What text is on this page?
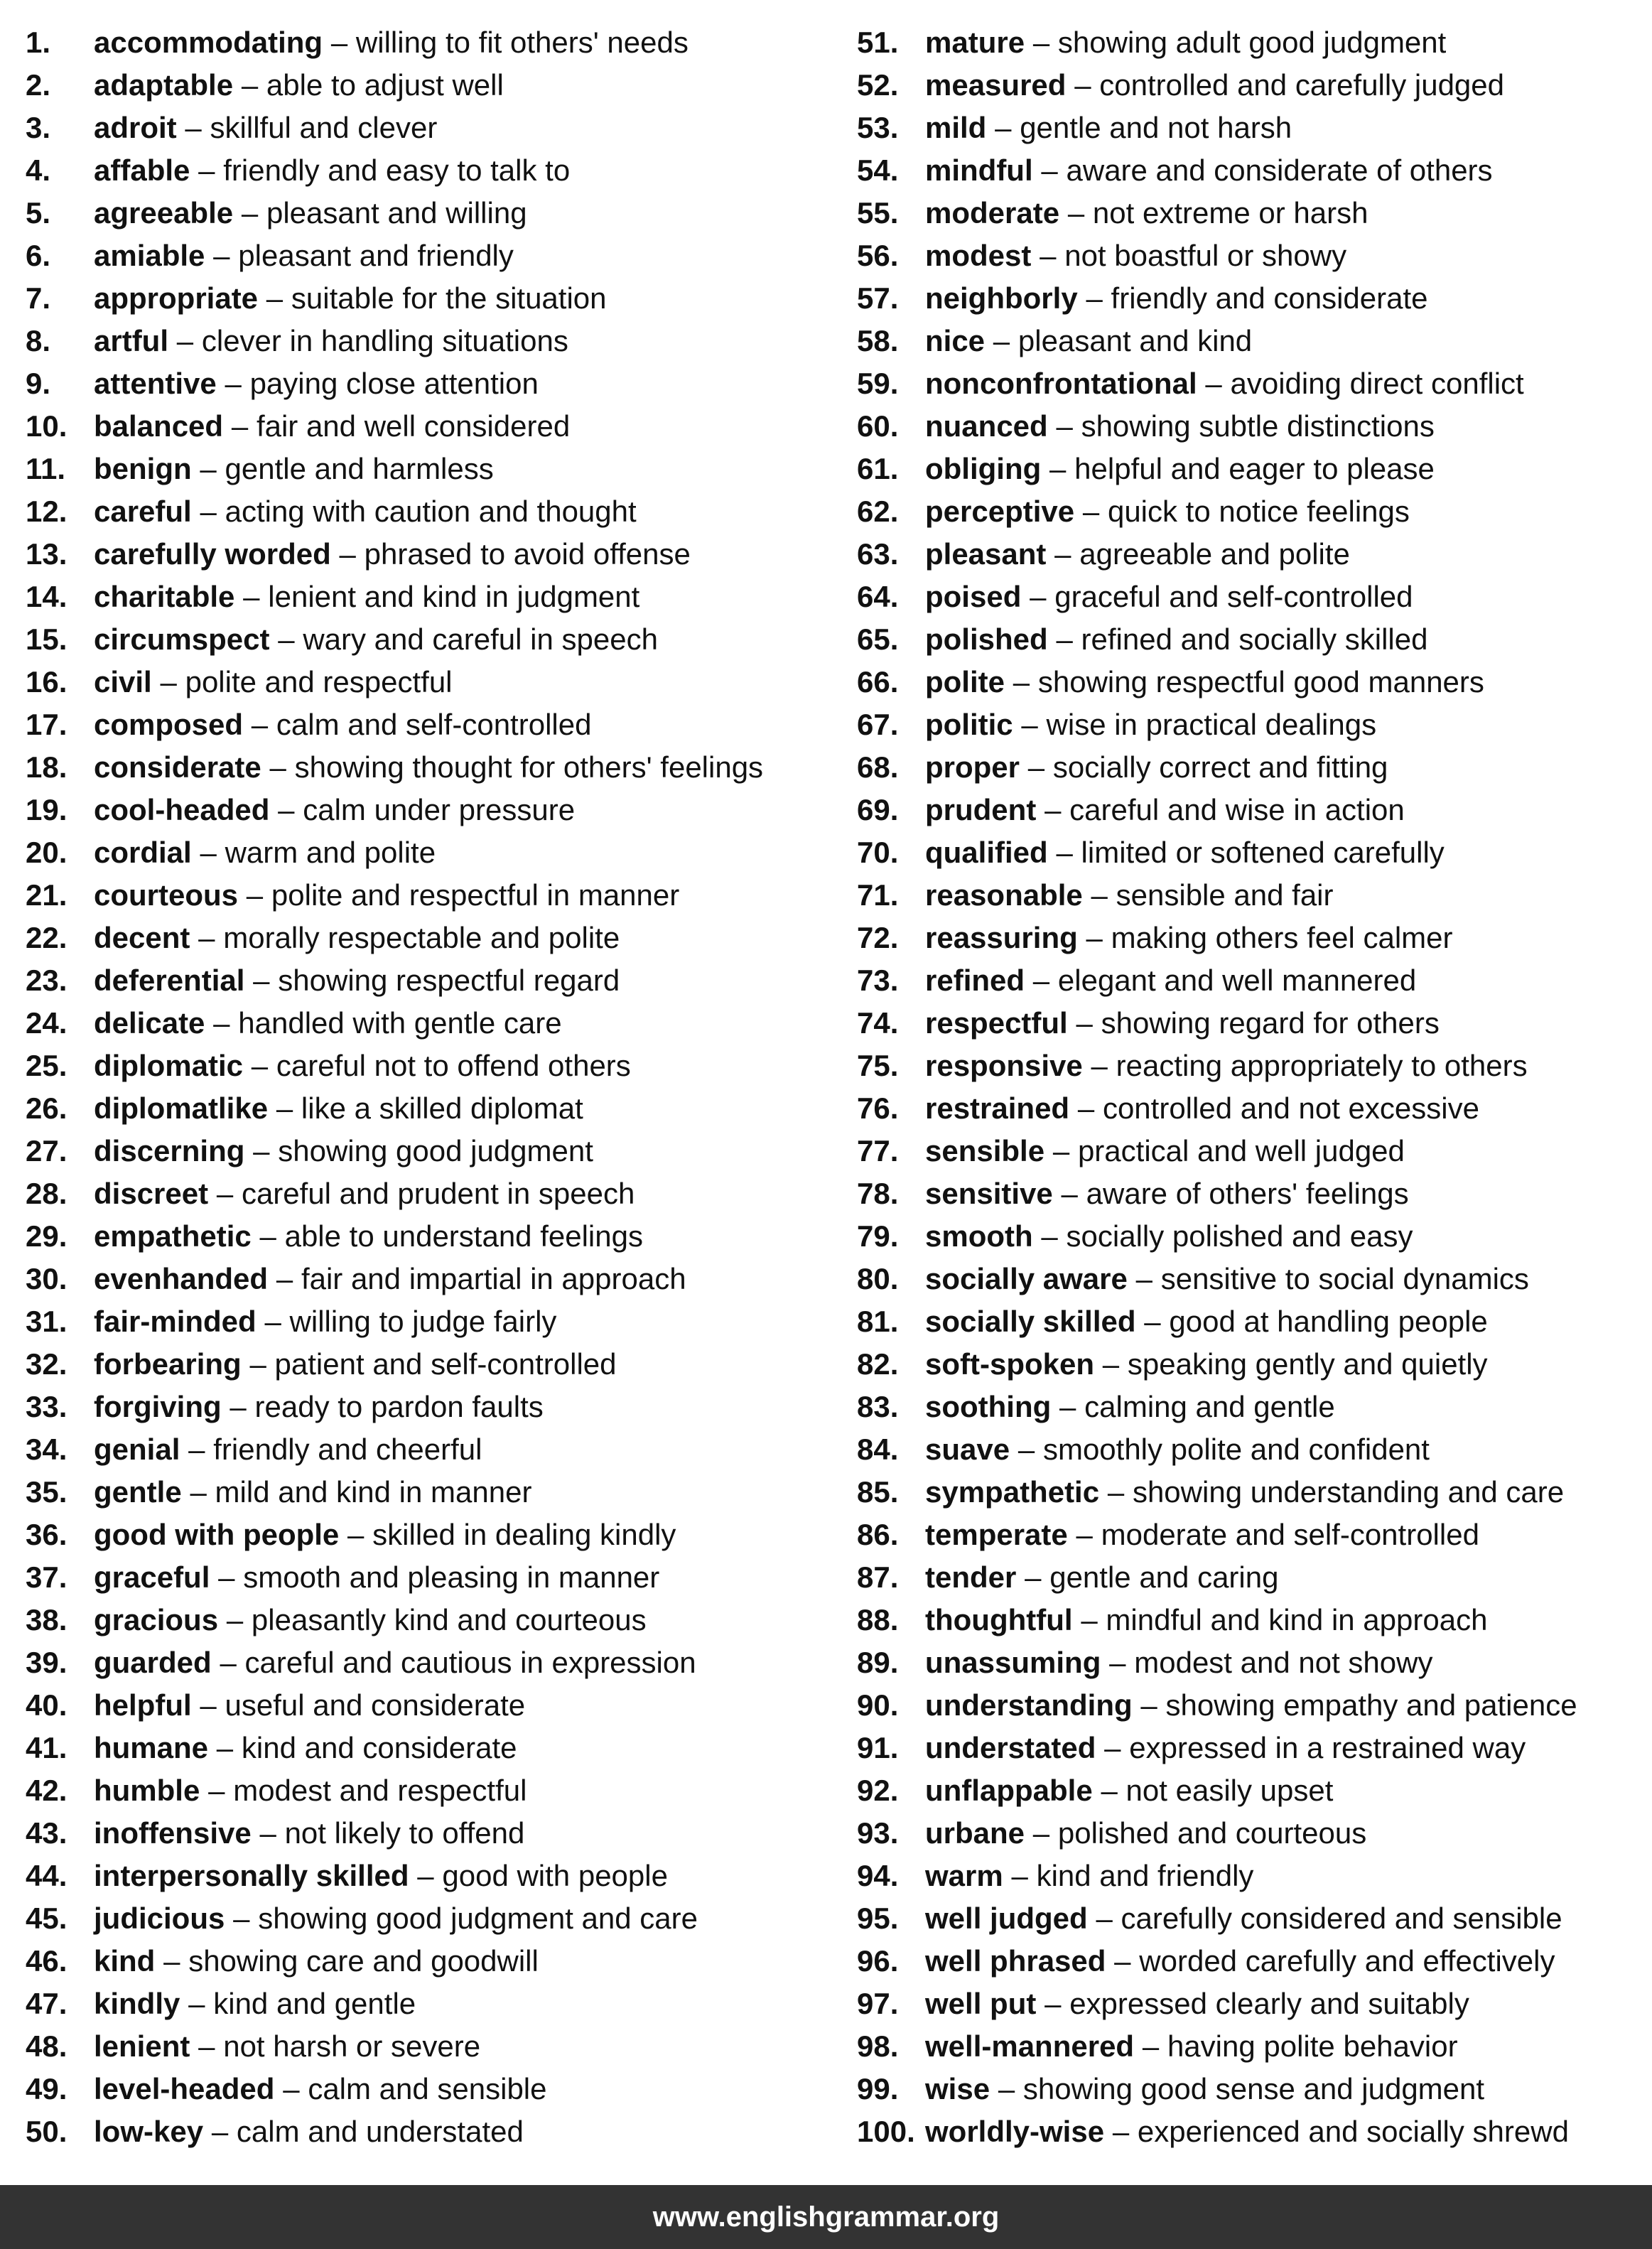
1.	accommodating – willing to fit others' needs
2.	adaptable – able to adjust well
3.	adroit – skillful and clever
4.	affable – friendly and easy to talk to
5.	agreeable – pleasant and willing
6.	amiable – pleasant and friendly
7.	appropriate – suitable for the situation
8.	artful – clever in handling situations
9.	attentive – paying close attention
10. balanced – fair and well considered
11. benign – gentle and harmless
12. careful – acting with caution and thought
13. carefully worded – phrased to avoid offense
14. charitable – lenient and kind in judgment
15. circumspect – wary and careful in speech
16. civil – polite and respectful
17. composed – calm and self-controlled
18. considerate – showing thought for others' feelings
19. cool-headed – calm under pressure
20. cordial – warm and polite
21. courteous – polite and respectful in manner
22. decent – morally respectable and polite
23. deferential – showing respectful regard
24. delicate – handled with gentle care
25. diplomatic – careful not to offend others
26. diplomatlike – like a skilled diplomat
27. discerning – showing good judgment
28. discreet – careful and prudent in speech
29. empathetic – able to understand feelings
30. evenhanded – fair and impartial in approach
31. fair-minded – willing to judge fairly
32. forbearing – patient and self-controlled
33. forgiving – ready to pardon faults
34. genial – friendly and cheerful
35. gentle – mild and kind in manner
36. good with people – skilled in dealing kindly
37. graceful – smooth and pleasing in manner
38. gracious – pleasantly kind and courteous
39. guarded – careful and cautious in expression
40. helpful – useful and considerate
41. humane – kind and considerate
42. humble – modest and respectful
43. inoffensive – not likely to offend
44. interpersonally skilled – good with people
45. judicious – showing good judgment and care
46. kind – showing care and goodwill
47. kindly – kind and gentle
48. lenient – not harsh or severe
49. level-headed – calm and sensible
50. low-key – calm and understated
51. mature – showing adult good judgment
52. measured – controlled and carefully judged
53. mild – gentle and not harsh
54. mindful – aware and considerate of others
55. moderate – not extreme or harsh
56. modest – not boastful or showy
57. neighborly – friendly and considerate
58. nice – pleasant and kind
59. nonconfrontational – avoiding direct conflict
60. nuanced – showing subtle distinctions
61. obliging – helpful and eager to please
62. perceptive – quick to notice feelings
63. pleasant – agreeable and polite
64. poised – graceful and self-controlled
65. polished – refined and socially skilled
66. polite – showing respectful good manners
67. politic – wise in practical dealings
68. proper – socially correct and fitting
69. prudent – careful and wise in action
70. qualified – limited or softened carefully
71. reasonable – sensible and fair
72. reassuring – making others feel calmer
73. refined – elegant and well mannered
74. respectful – showing regard for others
75. responsive – reacting appropriately to others
76. restrained – controlled and not excessive
77. sensible – practical and well judged
78. sensitive – aware of others' feelings
79. smooth – socially polished and easy
80. socially aware – sensitive to social dynamics
81. socially skilled – good at handling people
82. soft-spoken – speaking gently and quietly
83. soothing – calming and gentle
84. suave – smoothly polite and confident
85. sympathetic – showing understanding and care
86. temperate – moderate and self-controlled
87. tender – gentle and caring
88. thoughtful – mindful and kind in approach
89. unassuming – modest and not showy
90. understanding – showing empathy and patience
91. understated – expressed in a restrained way
92. unflappable – not easily upset
93. urbane – polished and courteous
94. warm – kind and friendly
95. well judged – carefully considered and sensible
96. well phrased – worded carefully and effectively
97. well put – expressed clearly and suitably
98. well-mannered – having polite behavior
99. wise – showing good sense and judgment
100. worldly-wise – experienced and socially shrewd
www.englishgrammar.org
